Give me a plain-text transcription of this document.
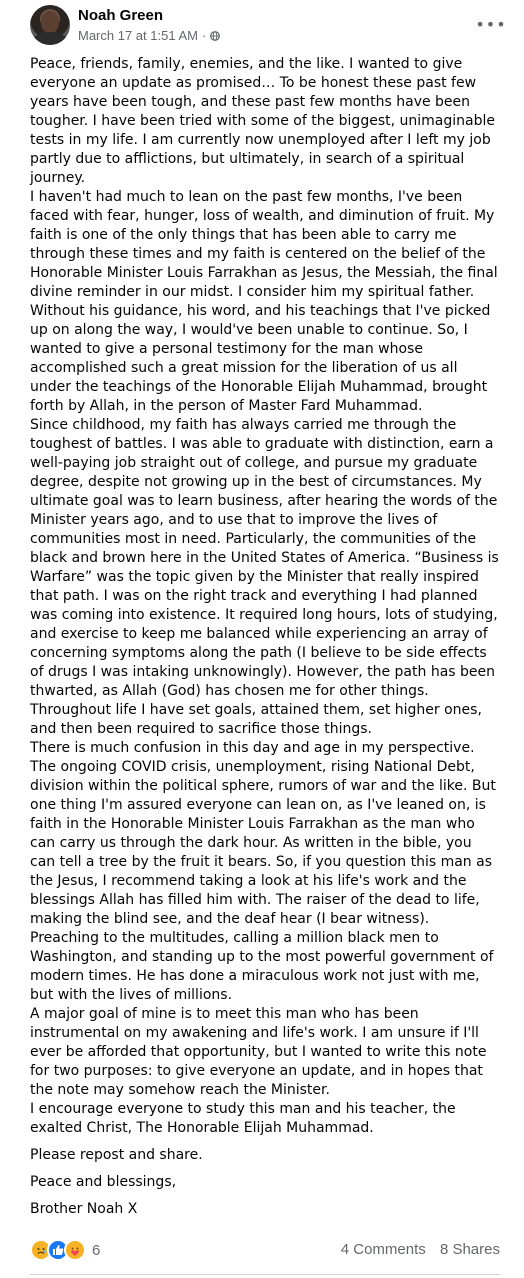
Noah Green
March 17 at 1:51 AM ·
•••

Peace, friends, family, enemies, and the like. I wanted to give everyone an update as promised… To be honest these past few years have been tough, and these past few months have been tougher. I have been tried with some of the biggest, unimaginable tests in my life. I am currently now unemployed after I left my job partly due to afflictions, but ultimately, in search of a spiritual journey.

I haven't had much to lean on the past few months, I've been faced with fear, hunger, loss of wealth, and diminution of fruit. My faith is one of the only things that has been able to carry me through these times and my faith is centered on the belief of the Honorable Minister Louis Farrakhan as Jesus, the Messiah, the final divine reminder in our midst. I consider him my spiritual father. Without his guidance, his word, and his teachings that I've picked up on along the way, I would've been unable to continue. So, I wanted to give a personal testimony for the man whose accomplished such a great mission for the liberation of us all under the teachings of the Honorable Elijah Muhammad, brought forth by Allah, in the person of Master Fard Muhammad.

Since childhood, my faith has always carried me through the toughest of battles. I was able to graduate with distinction, earn a well-paying job straight out of college, and pursue my graduate degree, despite not growing up in the best of circumstances. My ultimate goal was to learn business, after hearing the words of the Minister years ago, and to use that to improve the lives of communities most in need. Particularly, the communities of the black and brown here in the United States of America. “Business is Warfare” was the topic given by the Minister that really inspired that path. I was on the right track and everything I had planned was coming into existence. It required long hours, lots of studying, and exercise to keep me balanced while experiencing an array of concerning symptoms along the path (I believe to be side effects of drugs I was intaking unknowingly). However, the path has been thwarted, as Allah (God) has chosen me for other things. Throughout life I have set goals, attained them, set higher ones, and then been required to sacrifice those things.

There is much confusion in this day and age in my perspective. The ongoing COVID crisis, unemployment, rising National Debt, division within the political sphere, rumors of war and the like. But one thing I'm assured everyone can lean on, as I've leaned on, is faith in the Honorable Minister Louis Farrakhan as the man who can carry us through the dark hour. As written in the bible, you can tell a tree by the fruit it bears. So, if you question this man as the Jesus, I recommend taking a look at his life's work and the blessings Allah has filled him with. The raiser of the dead to life, making the blind see, and the deaf hear (I bear witness). Preaching to the multitudes, calling a million black men to Washington, and standing up to the most powerful government of modern times. He has done a miraculous work not just with me, but with the lives of millions.

A major goal of mine is to meet this man who has been instrumental on my awakening and life's work. I am unsure if I'll ever be afforded that opportunity, but I wanted to write this note for two purposes: to give everyone an update, and in hopes that the note may somehow reach the Minister.

I encourage everyone to study this man and his teacher, the exalted Christ, The Honorable Elijah Muhammad.

Please repost and share.

Peace and blessings,

Brother Noah X

6	4 Comments 8 Shares
